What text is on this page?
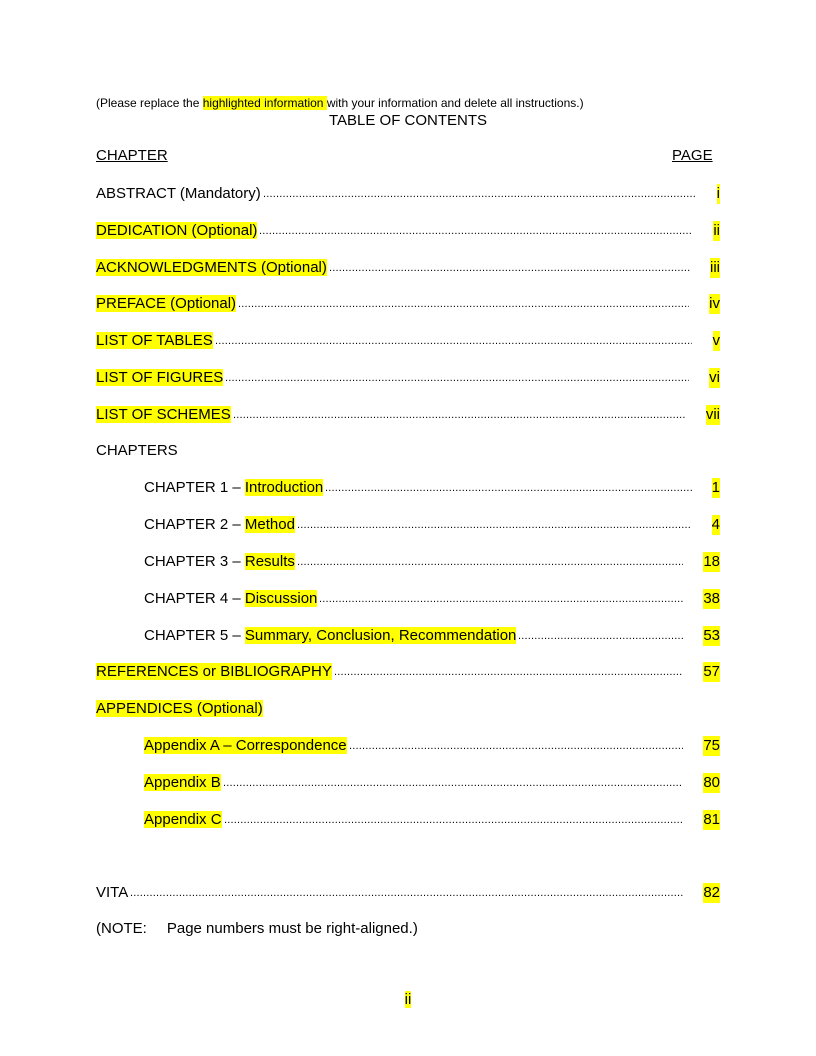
(Please replace the highlighted information with your information and delete all instructions.)
TABLE OF CONTENTS
CHAPTER	PAGE
ABSTRACT (Mandatory) .....	i
DEDICATION (Optional) .....	ii
ACKNOWLEDGMENTS (Optional) .....	iii
PREFACE (Optional) .....	iv
LIST OF TABLES .....	v
LIST OF FIGURES .....	vi
LIST OF SCHEMES .....	vii
CHAPTERS
CHAPTER 1 – Introduction .....	1
CHAPTER 2 – Method .....	4
CHAPTER 3 – Results .....	18
CHAPTER 4 – Discussion .....	38
CHAPTER 5 – Summary, Conclusion, Recommendation .....	53
REFERENCES or BIBLIOGRAPHY .....	57
APPENDICES (Optional)
Appendix A – Correspondence .....	75
Appendix B .....	80
Appendix C .....	81
VITA .....	82
(NOTE: Page numbers must be right-aligned.)
ii
